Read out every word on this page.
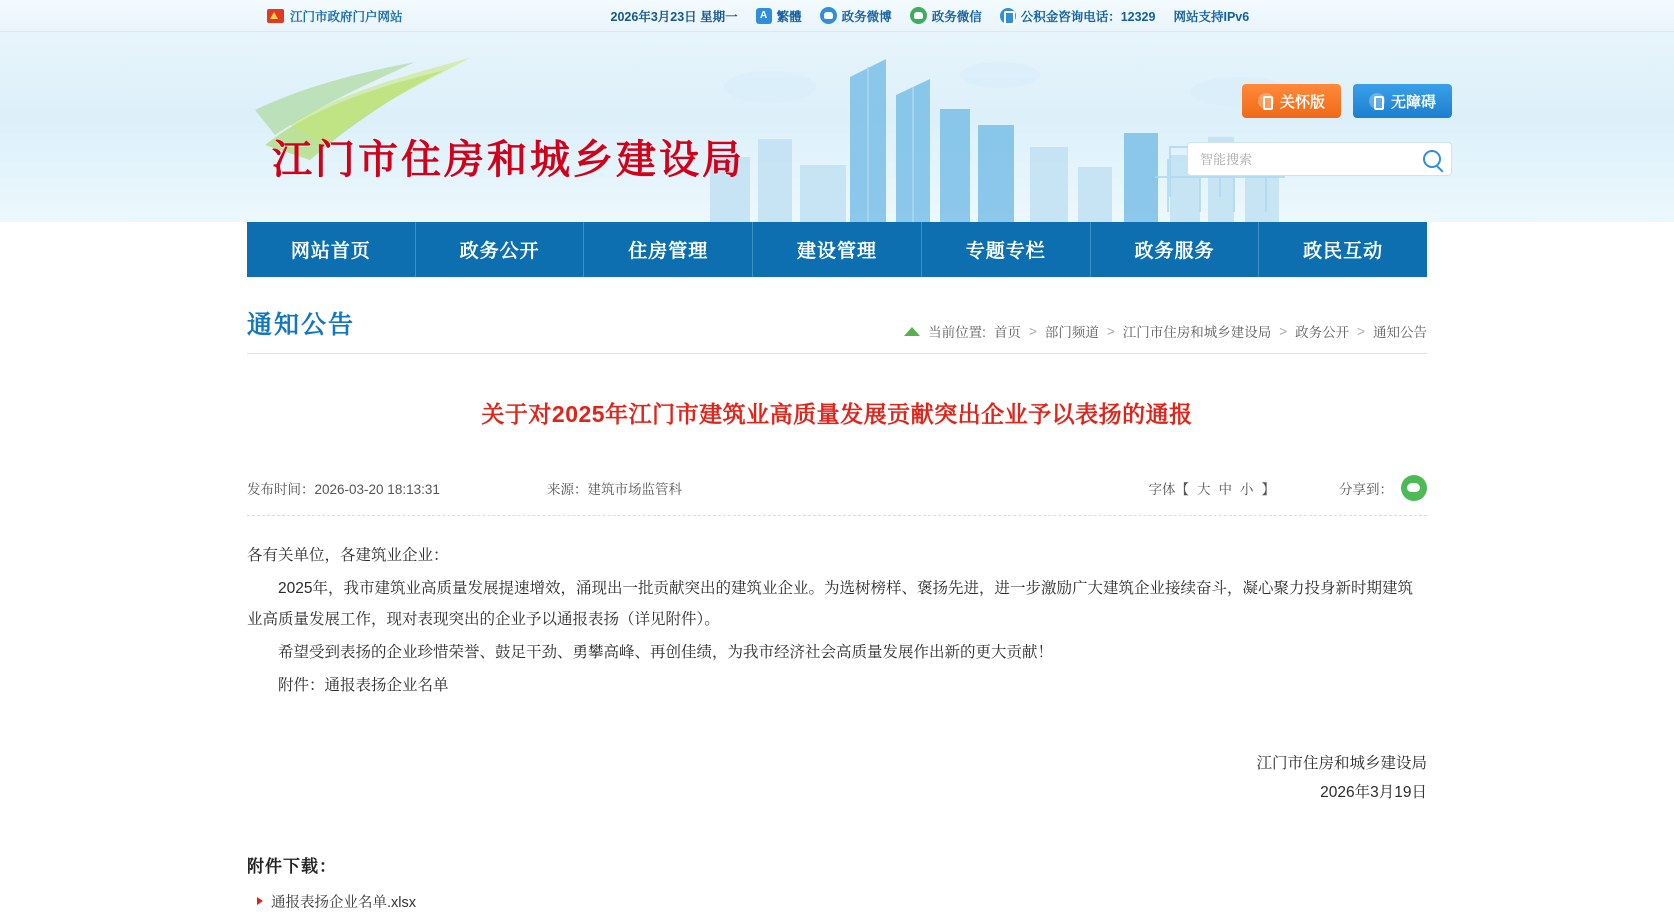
江门市政府门户网站	2026年3月23日 星期一	A 繁體	政务微博	政务微信	公积金咨询电话：12329 网站支持IPv6
江门市住房和城乡建设局
关怀版	无障碍
智能搜索
网站首页	政务公开	住房管理	建设管理	专题专栏	政务服务	政民互动
通知公告	当前位置: 首页 > 部门频道 > 江门市住房和城乡建设局 > 政务公开 > 通知公告
关于对2025年江门市建筑业高质量发展贡献突出企业予以表扬的通报
发布时间：2026-03-20 18:13:31	来源：建筑市场监管科	字体【 大 中 小 】	分享到：

各有关单位，各建筑业企业：

2025年，我市建筑业高质量发展提速增效，涌现出一批贡献突出的建筑业企业。为选树榜样、褒扬先进，进一步激励广大建筑企业接续奋斗，凝心聚力投身新时期建筑业高质量发展工作，现对表现突出的企业予以通报表扬（详见附件）。

希望受到表扬的企业珍惜荣誉、鼓足干劲、勇攀高峰、再创佳绩，为我市经济社会高质量发展作出新的更大贡献！

附件：通报表扬企业名单

江门市住房和城乡建设局
2026年3月19日
附件下载：
通报表扬企业名单.xlsx
